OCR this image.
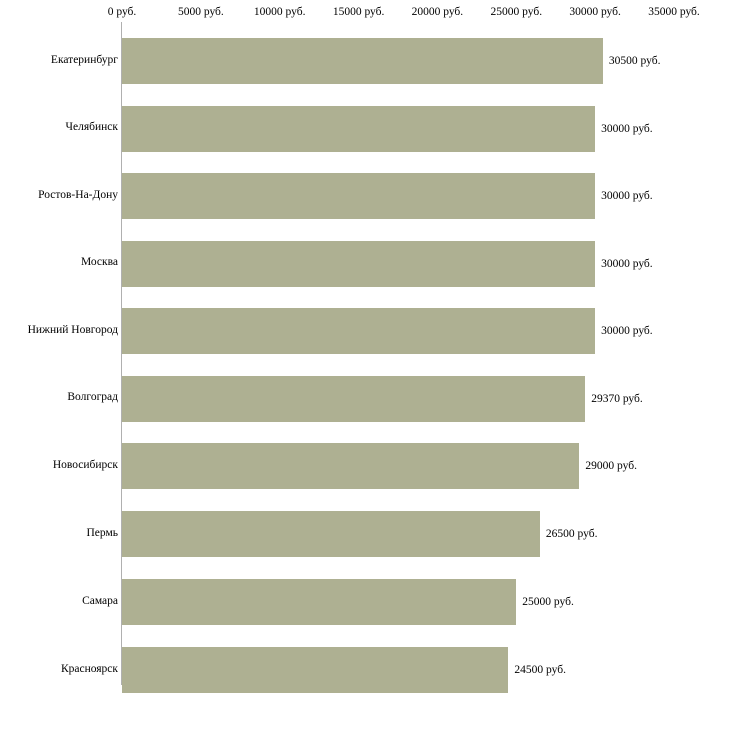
0 руб.	5000 руб.	10000 руб. 15000 руб. 20000 руб. 25000 руб. 30000 руб. 35000 руб.
Екатеринбург
Челябинск
Ростов-На-Дону
Москва
Нижний Новгород
Волгоград
Новосибирск
Пермь
Самара
Красноярск
30500 руб.
30000 руб.
30000 руб.
30000 руб.
30000 руб.
29370 руб.
29000 руб.
26500 руб.
25000 руб.
24500 руб.
